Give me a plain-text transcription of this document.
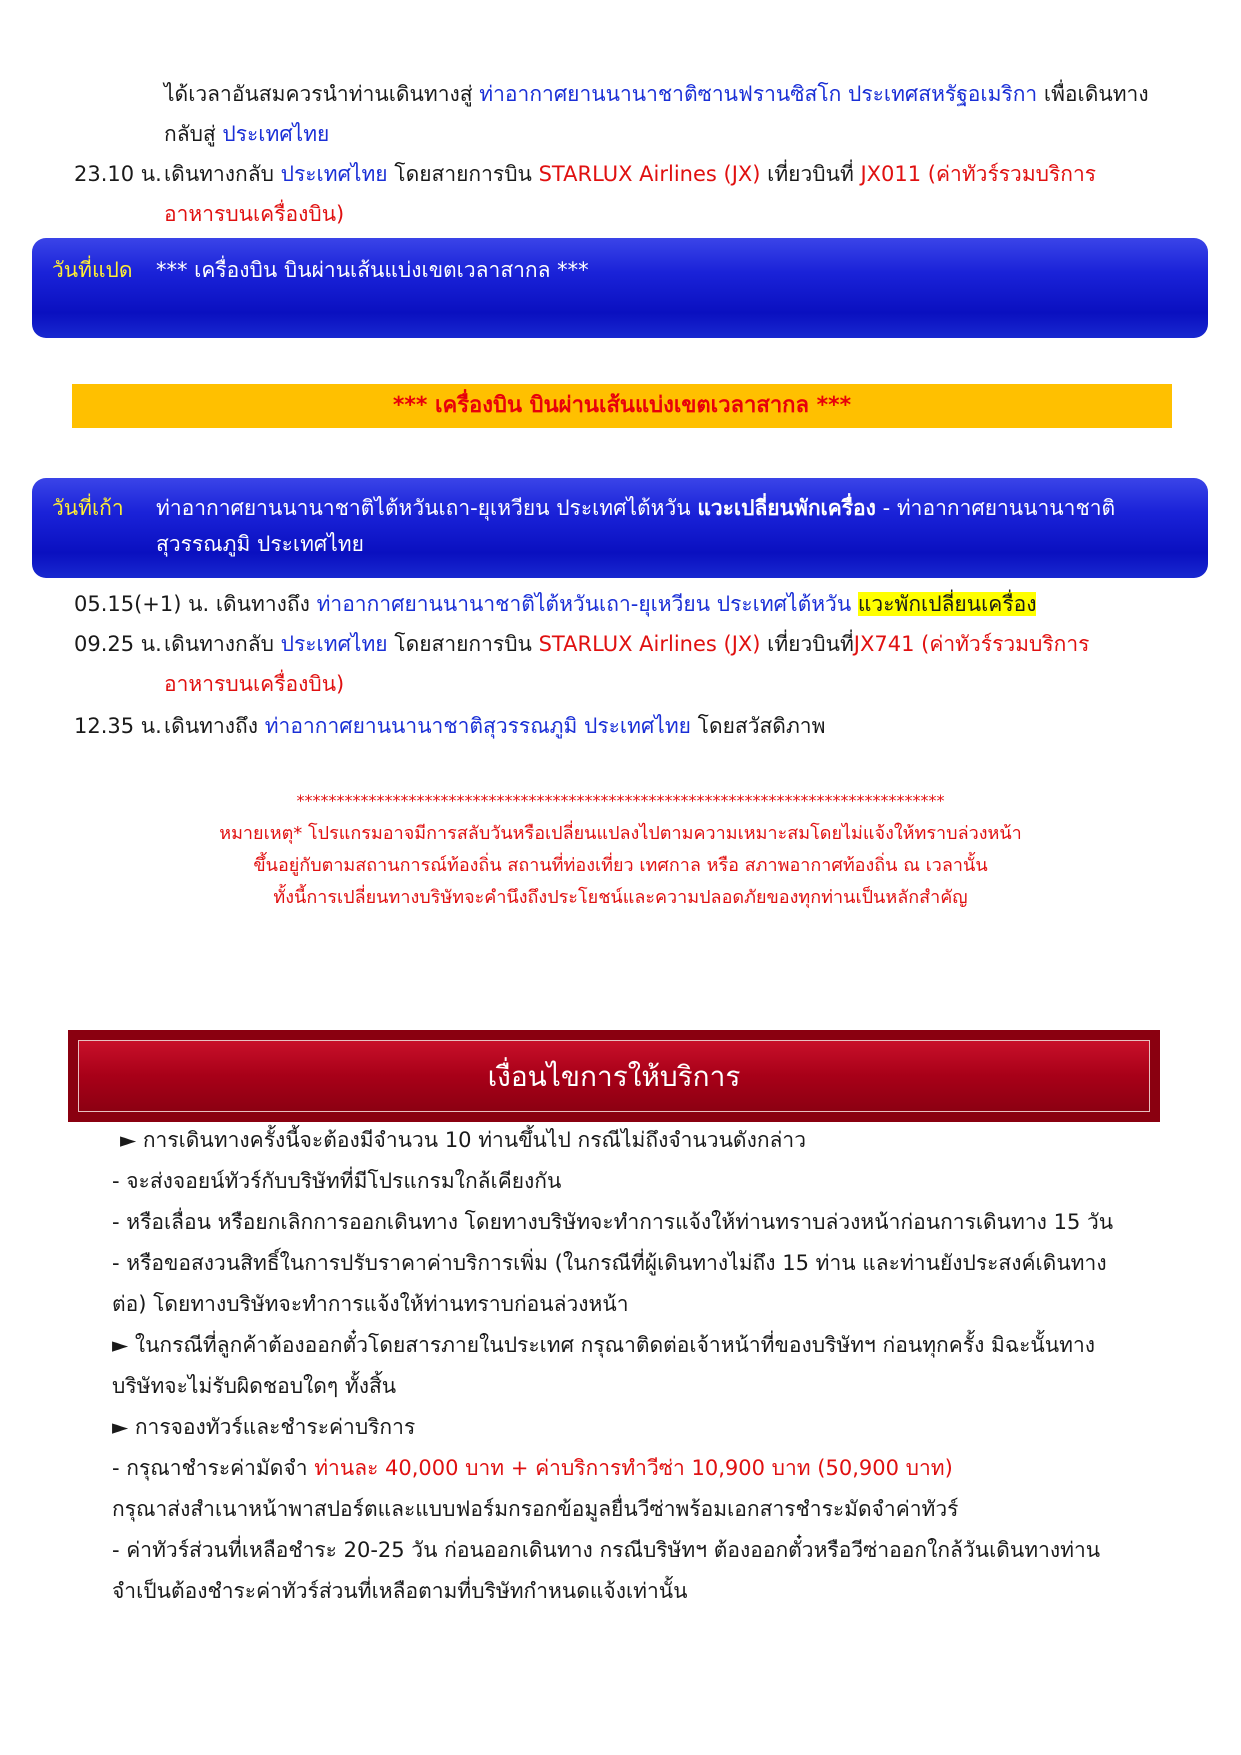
ได้เวลาอันสมควรนำท่านเดินทางสู่ ท่าอากาศยานนานาชาติซานฟรานซิสโก ประเทศสหรัฐอเมริกา เพื่อเดินทาง
กลับสู่ ประเทศไทย
23.10 น. เดินทางกลับ ประเทศไทย โดยสายการบิน STARLUX Airlines (JX) เที่ยวบินที่ JX011 (ค่าทัวร์รวมบริการ
อาหารบนเครื่องบิน)
วันที่แปด *** เครื่องบิน บินผ่านเส้นแบ่งเขตเวลาสากล ***
*** เครื่องบิน บินผ่านเส้นแบ่งเขตเวลาสากล ***
วันที่เก้า ท่าอากาศยานนานาชาติไต้หวันเถา-ยุเหวียน ประเทศไต้หวัน แวะเปลี่ยนพักเครื่อง - ท่าอากาศยานนานาชาติ
สุวรรณภูมิ ประเทศไทย
05.15(+1) น. เดินทางถึง ท่าอากาศยานนานาชาติไต้หวันเถา-ยุเหวียน ประเทศไต้หวัน แวะพักเปลี่ยนเครื่อง
09.25 น. เดินทางกลับ ประเทศไทย โดยสายการบิน STARLUX Airlines (JX) เที่ยวบินที่JX741 (ค่าทัวร์รวมบริการ
อาหารบนเครื่องบิน)
12.35 น. เดินทางถึง ท่าอากาศยานนานาชาติสุวรรณภูมิ ประเทศไทย โดยสวัสดิภาพ
*********************************************************************************
หมายเหตุ* โปรแกรมอาจมีการสลับวันหรือเปลี่ยนแปลงไปตามความเหมาะสมโดยไม่แจ้งให้ทราบล่วงหน้า
ขึ้นอยู่กับตามสถานการณ์ท้องถิ่น สถานที่ท่องเที่ยว เทศกาล หรือ สภาพอากาศท้องถิ่น ณ เวลานั้น
ทั้งนี้การเปลี่ยนทางบริษัทจะคำนึงถึงประโยชน์และความปลอดภัยของทุกท่านเป็นหลักสำคัญ
เงื่อนไขการให้บริการ
► การเดินทางครั้งนี้จะต้องมีจำนวน 10 ท่านขึ้นไป กรณีไม่ถึงจำนวนดังกล่าว
- จะส่งจอยน์ทัวร์กับบริษัทที่มีโปรแกรมใกล้เคียงกัน
- หรือเลื่อน หรือยกเลิกการออกเดินทาง โดยทางบริษัทจะทำการแจ้งให้ท่านทราบล่วงหน้าก่อนการเดินทาง 15 วัน
- หรือขอสงวนสิทธิ์ในการปรับราคาค่าบริการเพิ่ม (ในกรณีที่ผู้เดินทางไม่ถึง 15 ท่าน และท่านยังประสงค์เดินทาง
ต่อ) โดยทางบริษัทจะทำการแจ้งให้ท่านทราบก่อนล่วงหน้า
► ในกรณีที่ลูกค้าต้องออกตั๋วโดยสารภายในประเทศ กรุณาติดต่อเจ้าหน้าที่ของบริษัทฯ ก่อนทุกครั้ง มิฉะนั้นทาง
บริษัทจะไม่รับผิดชอบใดๆ ทั้งสิ้น
► การจองทัวร์และชำระค่าบริการ
- กรุณาชำระค่ามัดจำ ท่านละ 40,000 บาท + ค่าบริการทำวีซ่า 10,900 บาท (50,900 บาท)
กรุณาส่งสำเนาหน้าพาสปอร์ตและแบบฟอร์มกรอกข้อมูลยื่นวีซ่าพร้อมเอกสารชำระมัดจำค่าทัวร์
- ค่าทัวร์ส่วนที่เหลือชำระ 20-25 วัน ก่อนออกเดินทาง กรณีบริษัทฯ ต้องออกตั๋วหรือวีซ่าออกใกล้วันเดินทางท่าน
จำเป็นต้องชำระค่าทัวร์ส่วนที่เหลือตามที่บริษัทกำหนดแจ้งเท่านั้น
